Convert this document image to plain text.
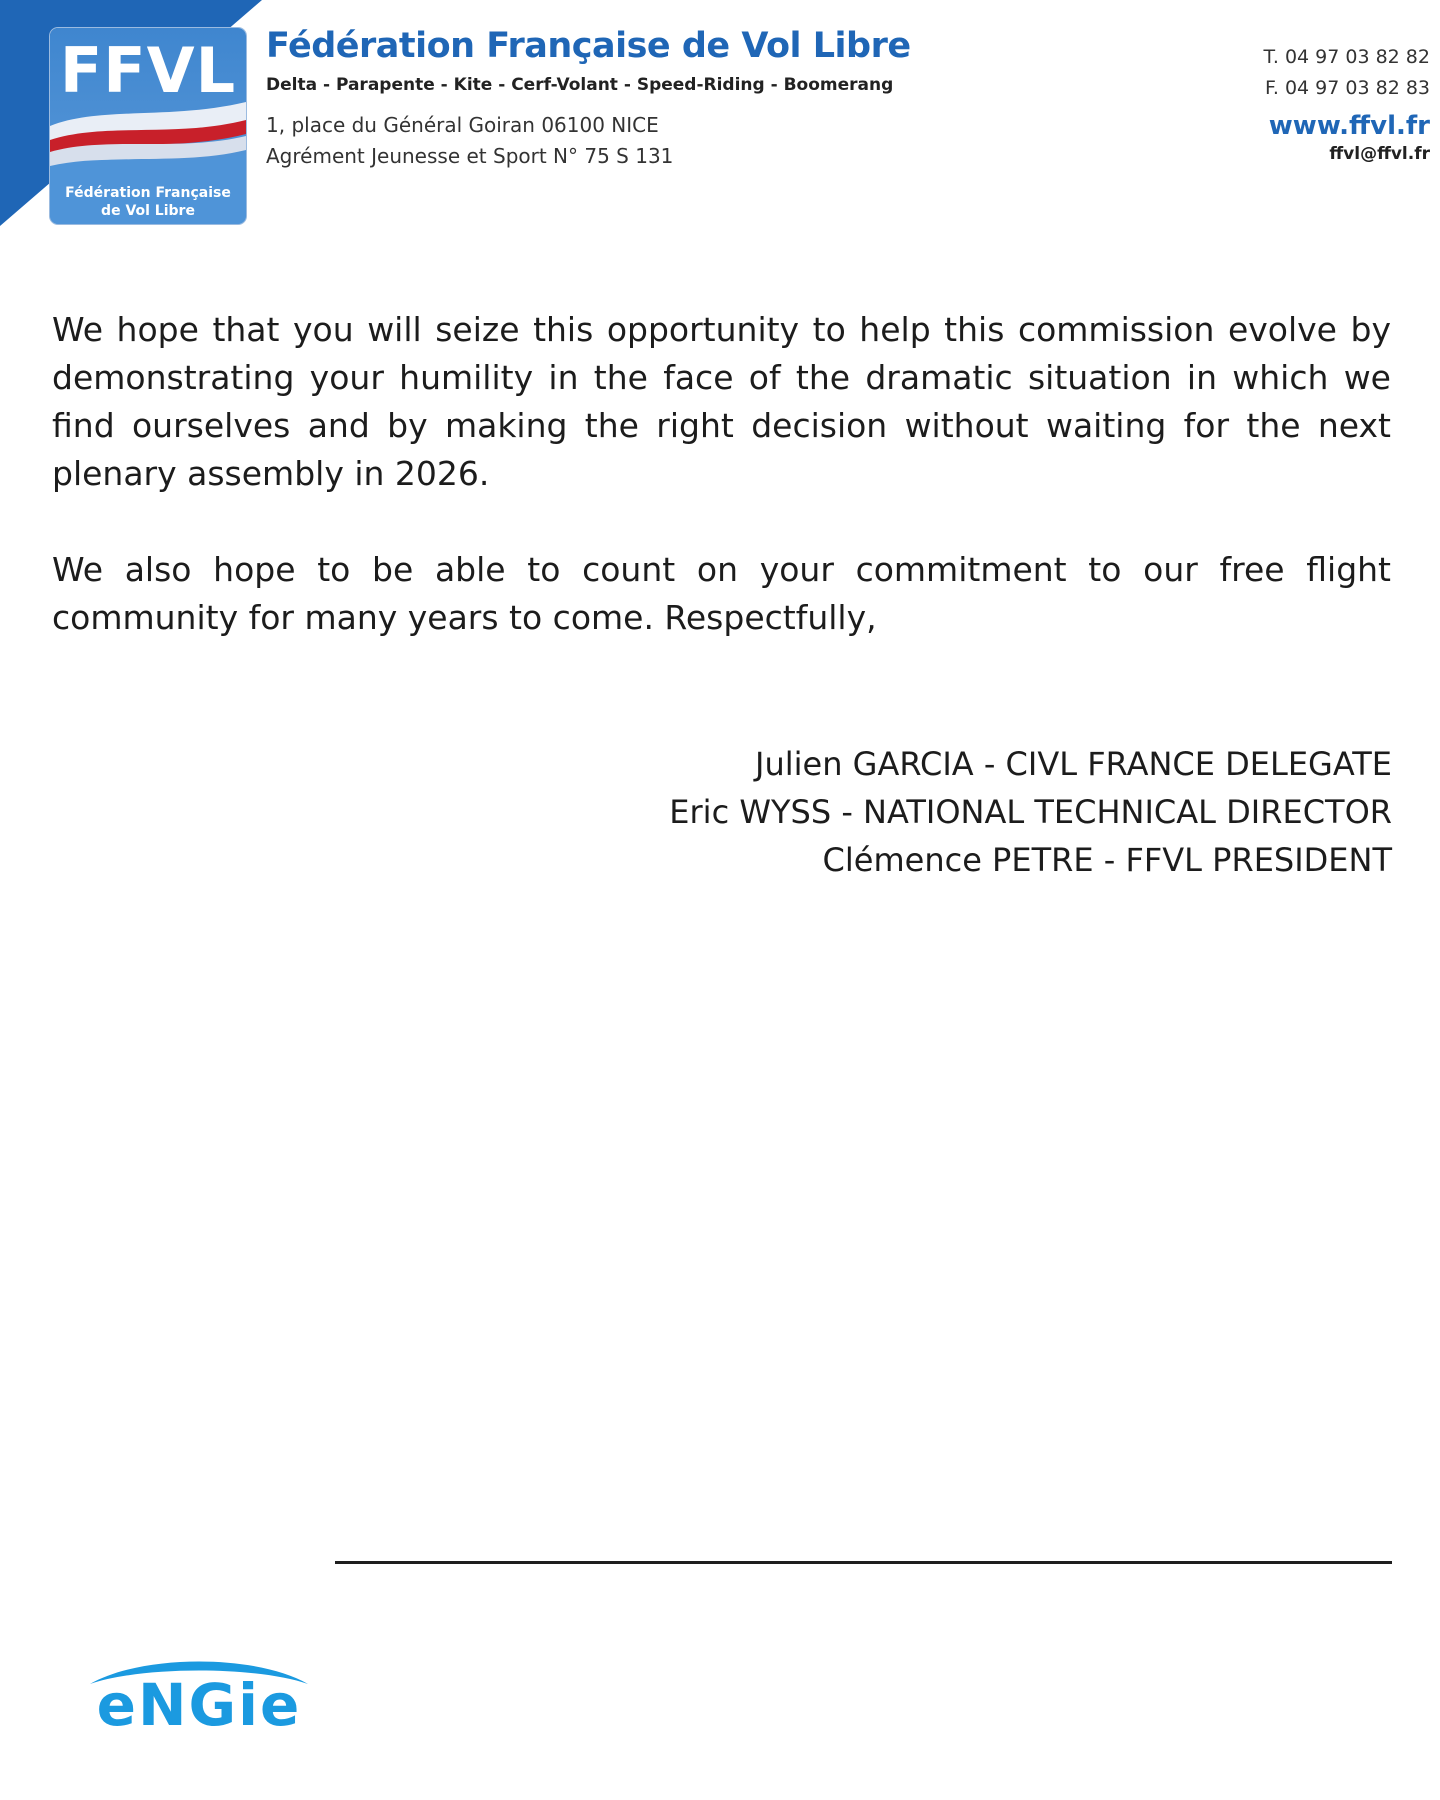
FFVL
Fédération Française
de Vol Libre
Fédération Française de Vol Libre
Delta - Parapente - Kite - Cerf-Volant - Speed-Riding - Boomerang
1, place du Général Goiran 06100 NICE
Agrément Jeunesse et Sport N° 75 S 131
T. 04 97 03 82 82
F. 04 97 03 82 83
www.ffvl.fr
ffvl@ffvl.fr

We hope that you will seize this opportunity to help this commission evolve by demonstrating your humility in the face of the dramatic situation in which we find ourselves and by making the right decision without waiting for the next plenary assembly in 2026.

We also hope to be able to count on your commitment to our free flight community for many years to come. Respectfully,

Julien GARCIA - CIVL FRANCE DELEGATE
Eric WYSS - NATIONAL TECHNICAL DIRECTOR
Clémence PETRE - FFVL PRESIDENT
eNGie
